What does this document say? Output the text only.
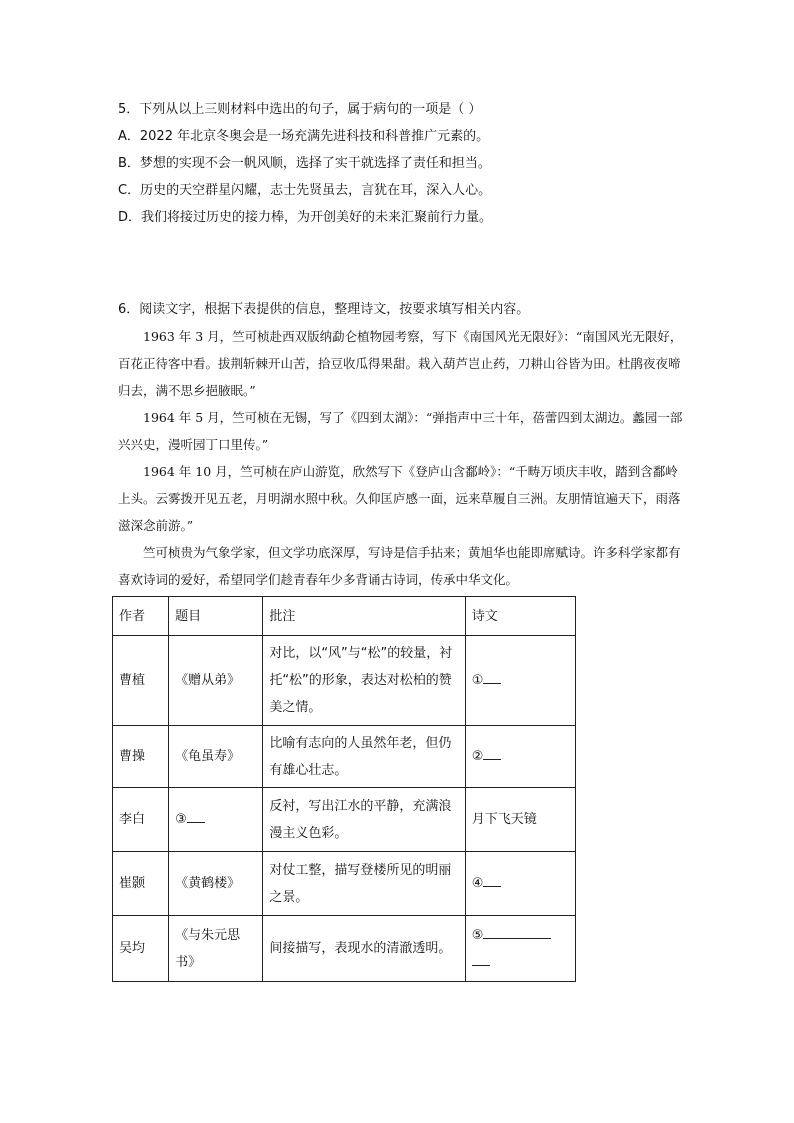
5．下列从以上三则材料中选出的句子，属于病句的一项是（ ）
A．2022 年北京冬奥会是一场充满先进科技和科普推广元素的。
B．梦想的实现不会一帆风顺，选择了实干就选择了责任和担当。
C．历史的天空群星闪耀，志士先贤虽去，言犹在耳，深入人心。
D．我们将接过历史的接力棒，为开创美好的未来汇聚前行力量。
6．阅读文字，根据下表提供的信息，整理诗文，按要求填写相关内容。

1963 年 3 月，竺可桢赴西双版纳勐仑植物园考察，写下《南国风光无限好》：“南国风光无限好，百花正待客中看。拔荆斩棘开山苦，拾豆收瓜得果甜。栽入葫芦岂止药，刀耕山谷皆为田。杜鹃夜夜啼归去，满不思乡挹腋眠。”

1964 年 5 月，竺可桢在无锡，写了《四到太湖》：“弹指声中三十年，蓓蕾四到太湖边。蠡园一部兴兴史，漫听园丁口里传。”

1964 年 10 月，竺可桢在庐山游览，欣然写下《登庐山含鄱岭》：“千畴万顷庆丰收，踏到含鄱岭上头。云雾拨开见五老，月明湖水照中秋。久仰匡庐感一面，远来草履自三洲。友朋情谊遍天下，雨落滋深念前游。”

竺可桢贵为气象学家，但文学功底深厚，写诗是信手拈来；黄旭华也能即席赋诗。许多科学家都有喜欢诗词的爱好，希望同学们趁青春年少多背诵古诗词，传承中华文化。

作者	题目	批注	诗文
曹植	《赠从弟》	对比，以“风”与“松”的较量，衬托“松”的形象，表达对松柏的赞美之情。	①
曹操	《龟虽寿》	比喻有志向的人虽然年老，但仍有雄心壮志。	②
李白	③	反衬，写出江水的平静，充满浪漫主义色彩。	月下飞天镜
崔颢	《黄鹤楼》	对仗工整，描写登楼所见的明丽之景。	④
吴均	《与朱元思书》	间接描写，表现水的清澈透明。	⑤
